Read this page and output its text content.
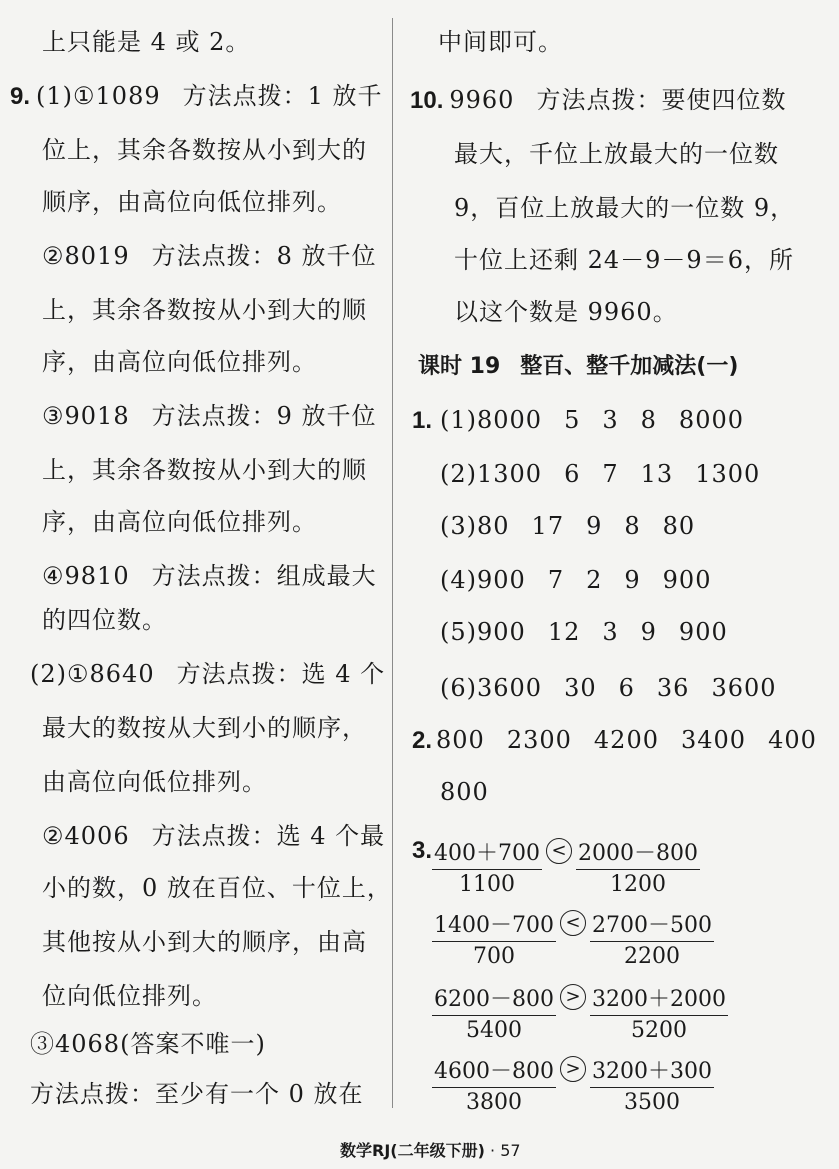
上只能是 4 或 2。
9. (1)①1089 方法点拨：1 放千
位上，其余各数按从小到大的
顺序，由高位向低位排列。
②8019 方法点拨：8 放千位
上，其余各数按从小到大的顺
序，由高位向低位排列。
③9018 方法点拨：9 放千位
上，其余各数按从小到大的顺
序，由高位向低位排列。
④9810 方法点拨：组成最大
的四位数。
(2)①8640 方法点拨：选 4 个
最大的数按从大到小的顺序，
由高位向低位排列。
②4006 方法点拨：选 4 个最
小的数，0 放在百位、十位上，
其他按从小到大的顺序，由高
位向低位排列。
③4068(答案不唯一)
方法点拨：至少有一个 0 放在
中间即可。
10. 9960 方法点拨：要使四位数
最大，千位上放最大的一位数
9，百位上放最大的一位数 9，
十位上还剩 24－9－9＝6，所
以这个数是 9960。
课时 19 整百、整千加减法(一)
1. (1)8000 5 3 8 8000
(2)1300 6 7 13 1300
(3)80 17 9 8 80
(4)900 7 2 9 900
(5)900 12 3 9 900
(6)3600 30 6 36 3600
2. 800 2300 4200 3400 400
800
3. 400＋700
1100
< 2000－800
1200
1400－700
700
< 2700－500
2200
6200－800
5400
> 3200＋2000
5200
4600－800
3800
> 3200＋300
3500
数学RJ(二年级下册) · 57
